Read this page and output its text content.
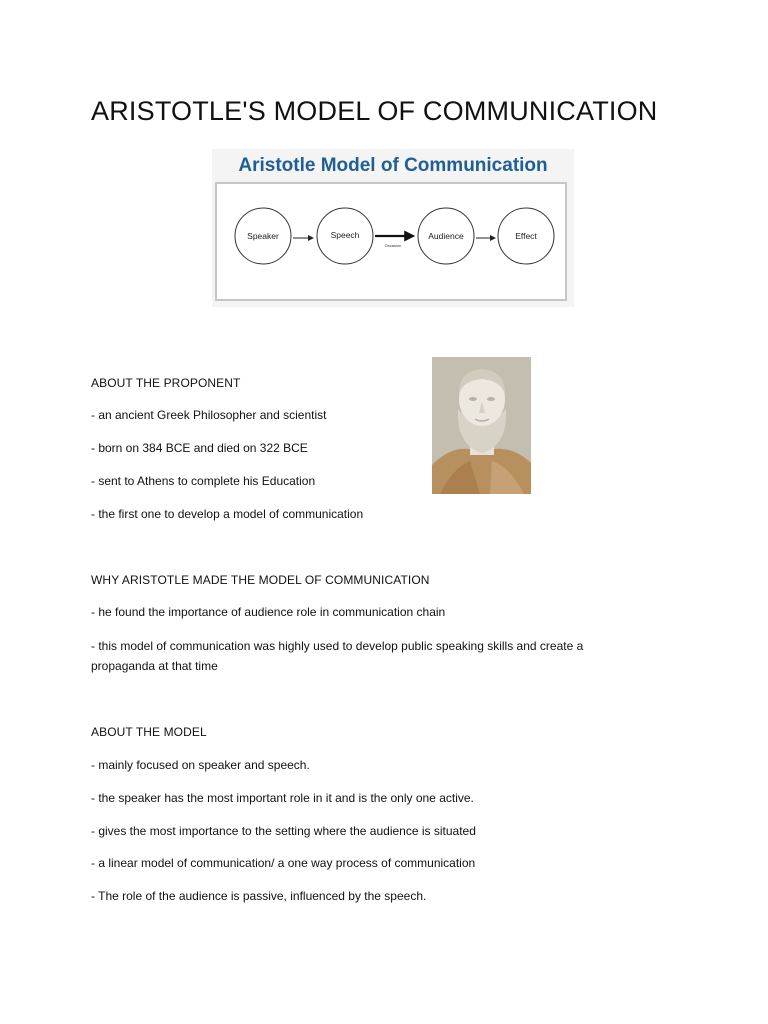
ARISTOTLE'S MODEL OF COMMUNICATION

Aristotle Model of Communication

Speaker	Speech	Audience	Effect
Occasion

ABOUT THE PROPONENT

- an ancient Greek Philosopher and scientist

- born on 384 BCE and died on 322 BCE

- sent to Athens to complete his Education

- the first one to develop a model of communication

WHY ARISTOTLE MADE THE MODEL OF COMMUNICATION

- he found the importance of audience role in communication chain

- this model of communication was highly used to develop public speaking skills and create a propaganda at that time

ABOUT THE MODEL

- mainly focused on speaker and speech.

- the speaker has the most important role in it and is the only one active.

- gives the most importance to the setting where the audience is situated

- a linear model of communication/ a one way process of communication

- The role of the audience is passive, influenced by the speech.
